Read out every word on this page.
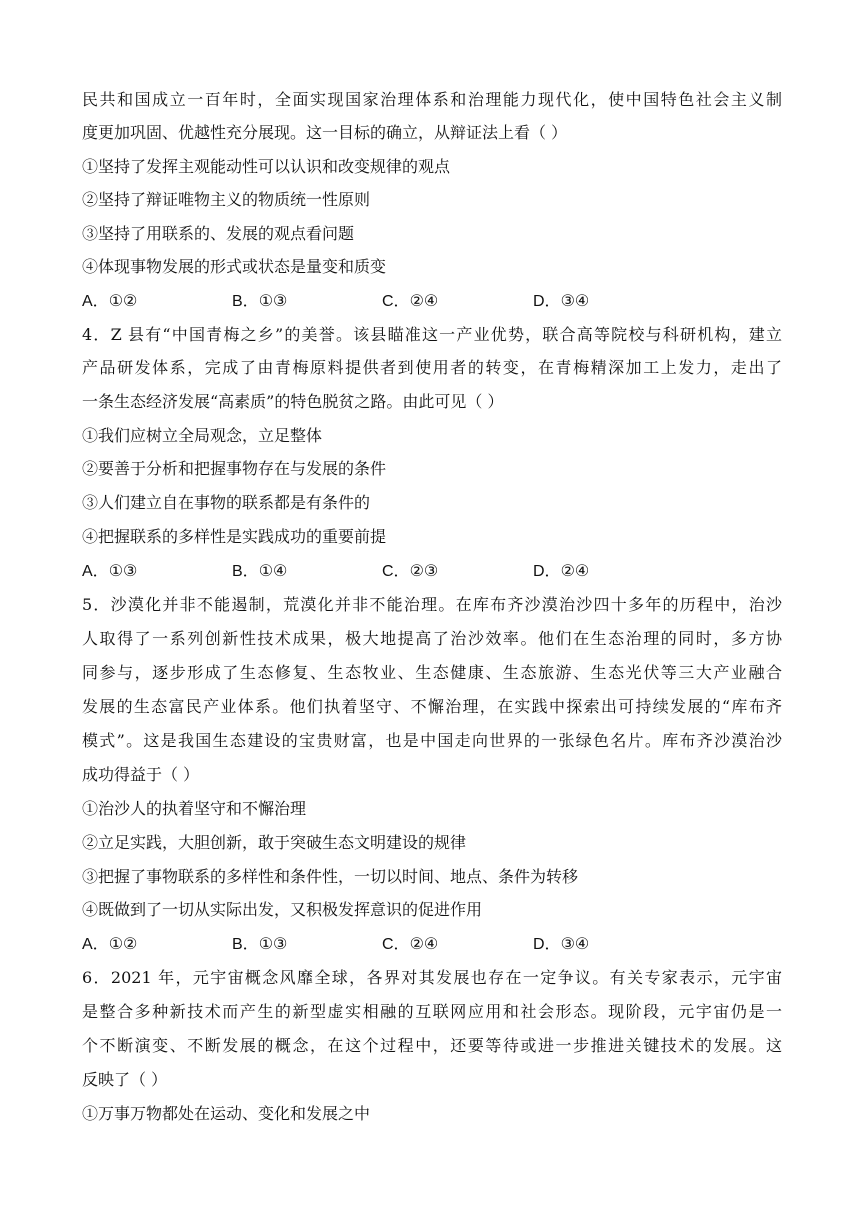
民共和国成立一百年时，全面实现国家治理体系和治理能力现代化，使中国特色社会主义制
度更加巩固、优越性充分展现。这一目标的确立，从辩证法上看（ ）
①坚持了发挥主观能动性可以认识和改变规律的观点
②坚持了辩证唯物主义的物质统一性原则
③坚持了用联系的、发展的观点看问题
④体现事物发展的形式或状态是量变和质变
A．①②	B．①③	C．②④	D．③④
4．Z 县有“中国青梅之乡”的美誉。该县瞄准这一产业优势，联合高等院校与科研机构，建立
产品研发体系，完成了由青梅原料提供者到使用者的转变，在青梅精深加工上发力，走出了
一条生态经济发展“高素质”的特色脱贫之路。由此可见（ ）
①我们应树立全局观念，立足整体
②要善于分析和把握事物存在与发展的条件
③人们建立自在事物的联系都是有条件的
④把握联系的多样性是实践成功的重要前提
A．①③	B．①④	C．②③	D．②④
5．沙漠化并非不能遏制，荒漠化并非不能治理。在库布齐沙漠治沙四十多年的历程中，治沙
人取得了一系列创新性技术成果，极大地提高了治沙效率。他们在生态治理的同时，多方协
同参与，逐步形成了生态修复、生态牧业、生态健康、生态旅游、生态光伏等三大产业融合
发展的生态富民产业体系。他们执着坚守、不懈治理，在实践中探索出可持续发展的“库布齐
模式”。这是我国生态建设的宝贵财富，也是中国走向世界的一张绿色名片。库布齐沙漠治沙
成功得益于（ ）
①治沙人的执着坚守和不懈治理
②立足实践，大胆创新，敢于突破生态文明建设的规律
③把握了事物联系的多样性和条件性，一切以时间、地点、条件为转移
④既做到了一切从实际出发，又积极发挥意识的促进作用
A．①②	B．①③	C．②④	D．③④
6．2021 年，元宇宙概念风靡全球，各界对其发展也存在一定争议。有关专家表示，元宇宙
是整合多种新技术而产生的新型虚实相融的互联网应用和社会形态。现阶段，元宇宙仍是一
个不断演变、不断发展的概念，在这个过程中，还要等待或进一步推进关键技术的发展。这
反映了（ ）
①万事万物都处在运动、变化和发展之中
